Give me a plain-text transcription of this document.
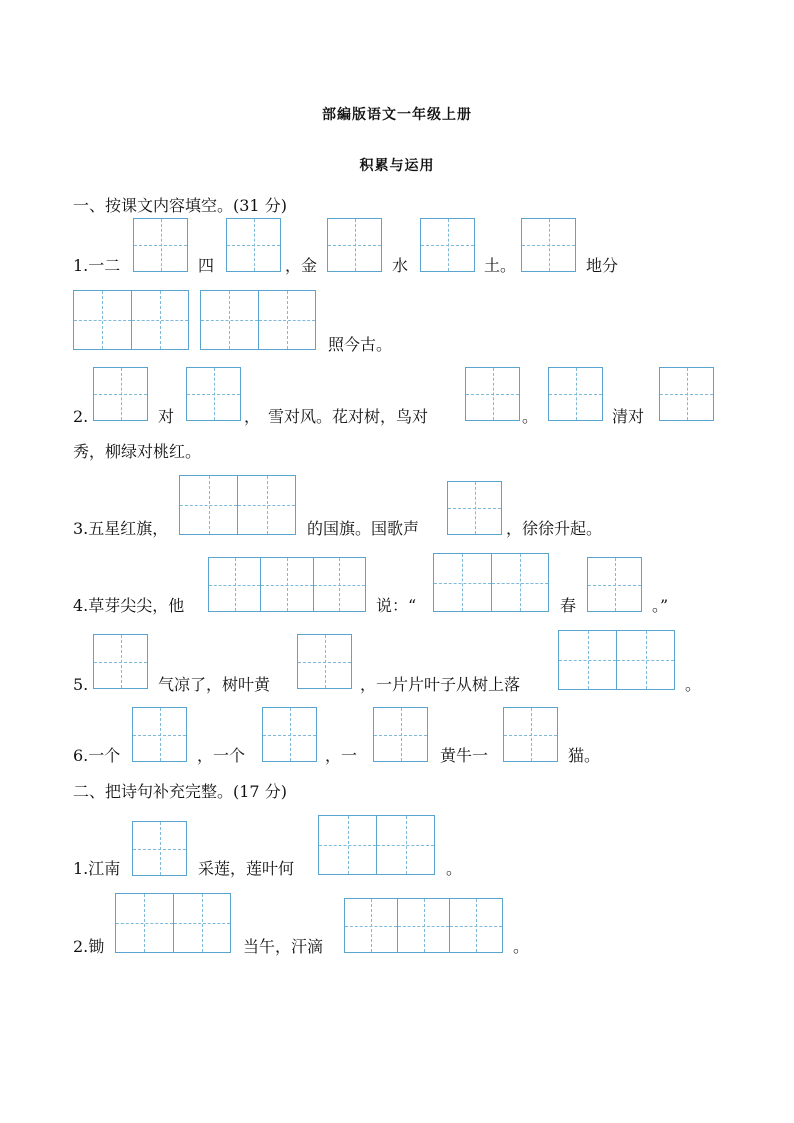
部編版语文一年级上册
积累与运用
一、按课文内容填空。(31 分)
1.一二	四	，金	水	土。	地分
照今古。
2.	对	， 雪对风。花对树，鸟对	。	清对
秀，柳绿对桃红。
3.五星红旗，	的国旗。国歌声	，徐徐升起。
4.草芽尖尖，他	说：“	春	。”
5.	气凉了，树叶黄	，一片片叶子从树上落	。
6.一个	，一个	，一	黄牛一	猫。
二、把诗句补充完整。(17 分)
1.江南	采莲，莲叶何	。
2.锄	当午，汗滴	。
